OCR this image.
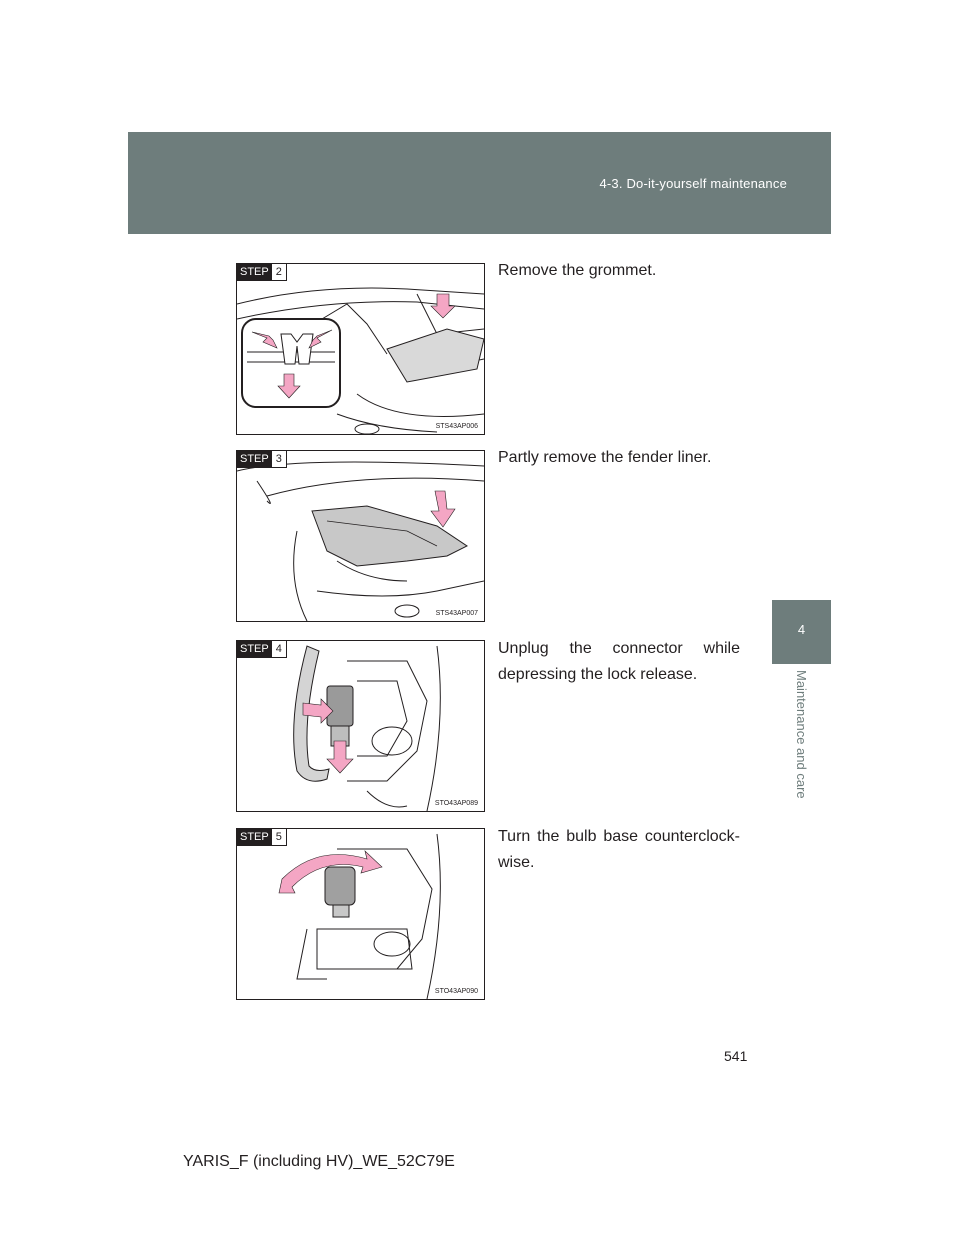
4-3. Do-it-yourself maintenance
4
Maintenance and care
STEP 2
STS43AP006
Remove the grommet.
STEP 3
STS43AP007
Partly remove the fender liner.
STEP 4
STO43AP089
Unplug the connector while depressing the lock release.
STEP 5
STO43AP090
Turn the bulb base counterclock-wise.
541
YARIS_F (including HV)_WE_52C79E
